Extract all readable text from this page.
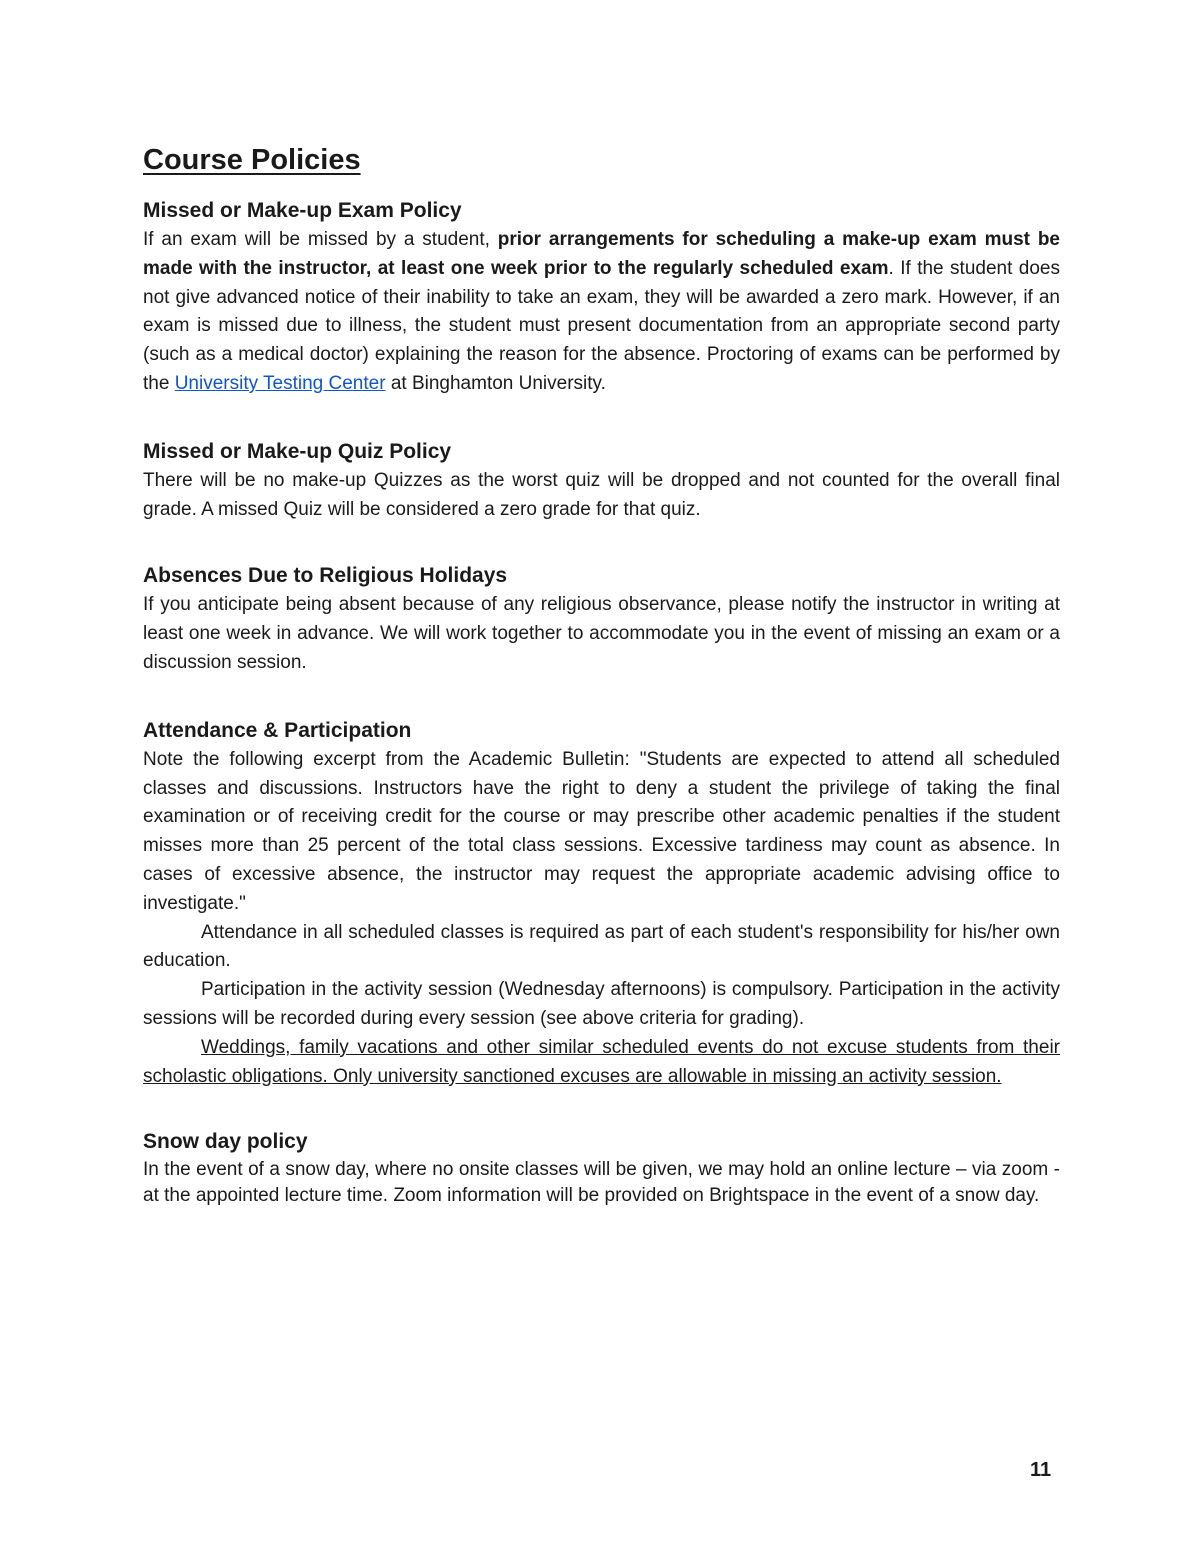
Course Policies
Missed or Make-up Exam Policy

If an exam will be missed by a student, prior arrangements for scheduling a make-up exam must be made with the instructor, at least one week prior to the regularly scheduled exam. If the student does not give advanced notice of their inability to take an exam, they will be awarded a zero mark. However, if an exam is missed due to illness, the student must present documentation from an appropriate second party (such as a medical doctor) explaining the reason for the absence. Proctoring of exams can be performed by the University Testing Center at Binghamton University.

Missed or Make-up Quiz Policy

There will be no make-up Quizzes as the worst quiz will be dropped and not counted for the overall final grade. A missed Quiz will be considered a zero grade for that quiz.

Absences Due to Religious Holidays

If you anticipate being absent because of any religious observance, please notify the instructor in writing at least one week in advance. We will work together to accommodate you in the event of missing an exam or a discussion session.

Attendance & Participation

Note the following excerpt from the Academic Bulletin: "Students are expected to attend all scheduled classes and discussions. Instructors have the right to deny a student the privilege of taking the final examination or of receiving credit for the course or may prescribe other academic penalties if the student misses more than 25 percent of the total class sessions. Excessive tardiness may count as absence. In cases of excessive absence, the instructor may request the appropriate academic advising office to investigate."

Attendance in all scheduled classes is required as part of each student's responsibility for his/her own education.

Participation in the activity session (Wednesday afternoons) is compulsory. Participation in the activity sessions will be recorded during every session (see above criteria for grading).

Weddings, family vacations and other similar scheduled events do not excuse students from their scholastic obligations. Only university sanctioned excuses are allowable in missing an activity session.

Snow day policy

In the event of a snow day, where no onsite classes will be given, we may hold an online lecture – via zoom - at the appointed lecture time. Zoom information will be provided on Brightspace in the event of a snow day.

11
